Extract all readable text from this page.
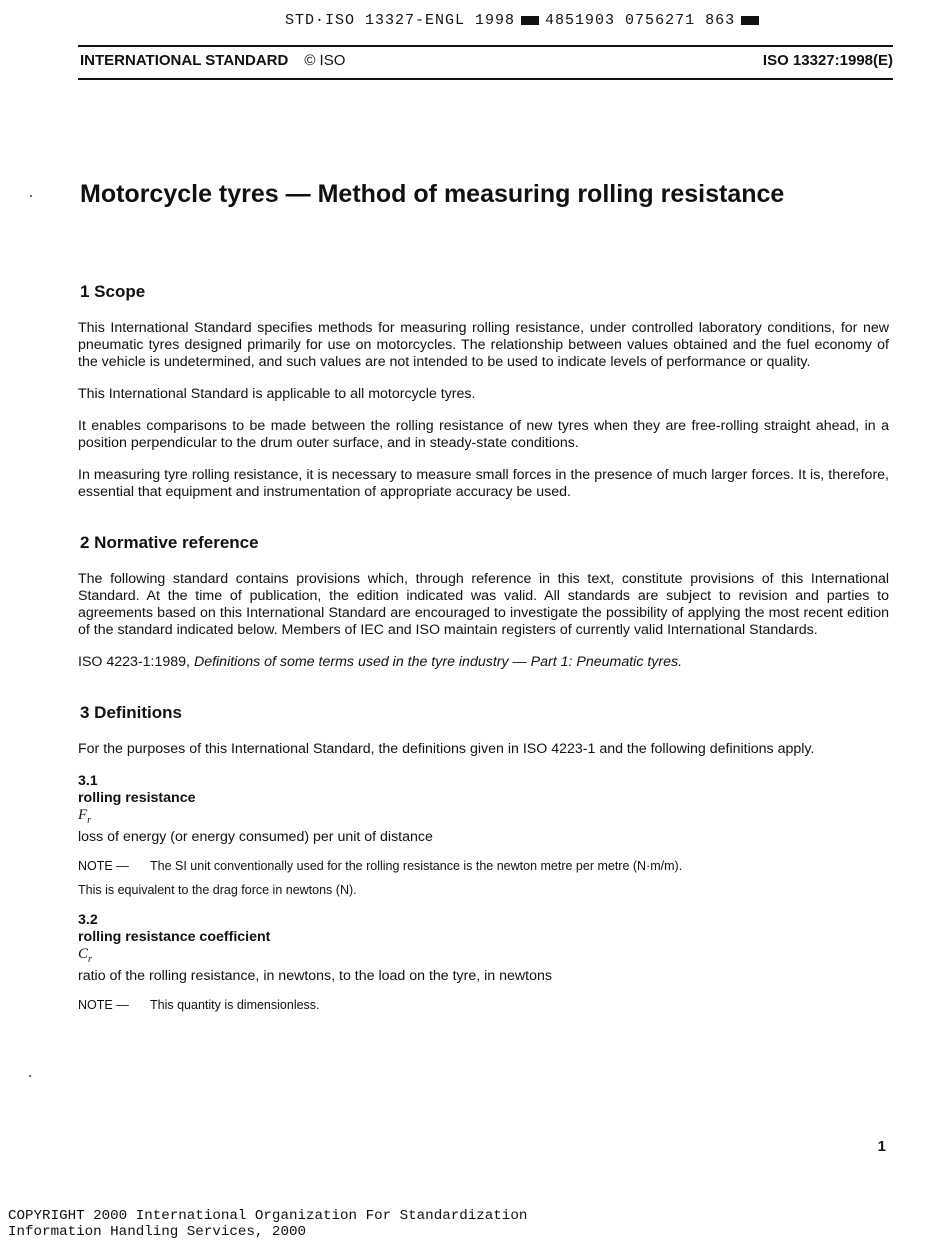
STD·ISO 13327-ENGL 1998 4851903 0756271 863
INTERNATIONAL STANDARD © ISO	ISO 13327:1998(E)
Motorcycle tyres — Method of measuring rolling resistance
1 Scope

This International Standard specifies methods for measuring rolling resistance, under controlled laboratory conditions, for new pneumatic tyres designed primarily for use on motorcycles. The relationship between values obtained and the fuel economy of the vehicle is undetermined, and such values are not intended to be used to indicate levels of performance or quality.

This International Standard is applicable to all motorcycle tyres.

It enables comparisons to be made between the rolling resistance of new tyres when they are free-rolling straight ahead, in a position perpendicular to the drum outer surface, and in steady-state conditions.

In measuring tyre rolling resistance, it is necessary to measure small forces in the presence of much larger forces. It is, therefore, essential that equipment and instrumentation of appropriate accuracy be used.

2 Normative reference

The following standard contains provisions which, through reference in this text, constitute provisions of this International Standard. At the time of publication, the edition indicated was valid. All standards are subject to revision and parties to agreements based on this International Standard are encouraged to investigate the possibility of applying the most recent edition of the standard indicated below. Members of IEC and ISO maintain registers of currently valid International Standards.

ISO 4223-1:1989, Definitions of some terms used in the tyre industry — Part 1: Pneumatic tyres.

3 Definitions

For the purposes of this International Standard, the definitions given in ISO 4223-1 and the following definitions apply.

3.1
rolling resistance
$F_r$
loss of energy (or energy consumed) per unit of distance
NOTE — The SI unit conventionally used for the rolling resistance is the newton metre per metre (N·m/m).
This is equivalent to the drag force in newtons (N).
3.2
rolling resistance coefficient
$C_r$
ratio of the rolling resistance, in newtons, to the load on the tyre, in newtons
NOTE — This quantity is dimensionless.
1
COPYRIGHT 2000 International Organization For Standardization
Information Handling Services, 2000
